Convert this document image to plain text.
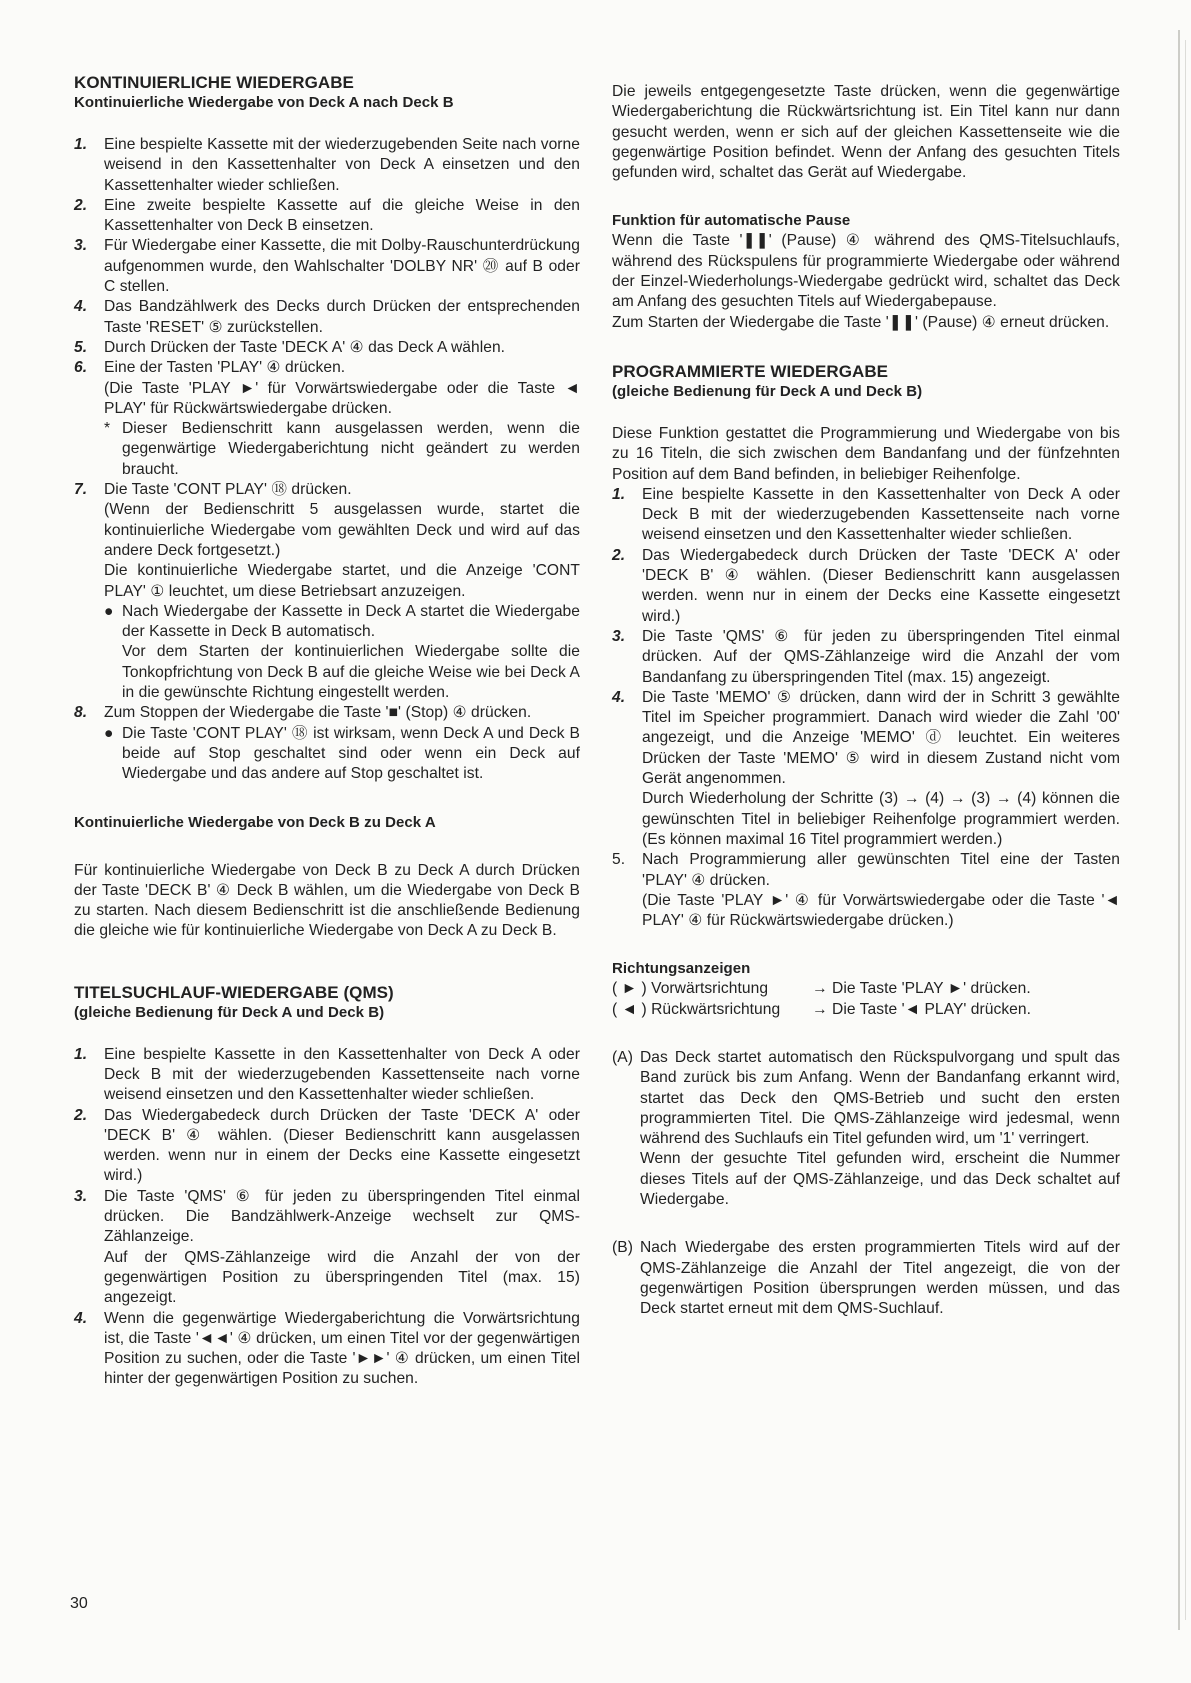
KONTINUIERLICHE WIEDERGABE
Kontinuierliche Wiedergabe von Deck A nach Deck B
1. Eine bespielte Kassette mit der wiederzugebenden Seite nach vorne weisend in den Kassettenhalter von Deck A einsetzen und den Kassettenhalter wieder schließen.

2. Eine zweite bespielte Kassette auf die gleiche Weise in den Kassettenhalter von Deck B einsetzen.

3. Für Wiedergabe einer Kassette, die mit Dolby-Rauschunterdrückung aufgenommen wurde, den Wahlschalter 'DOLBY NR' ⑳ auf B oder C stellen.

4. Das Bandzählwerk des Decks durch Drücken der entsprechenden Taste 'RESET' ⑤ zurückstellen.

5. Durch Drücken der Taste 'DECK A' ④ das Deck A wählen.

6. Eine der Tasten 'PLAY' ④ drücken.

(Die Taste 'PLAY ►' für Vorwärtswiedergabe oder die Taste ◄ PLAY' für Rückwärtswiedergabe drücken.

* Dieser Bedienschritt kann ausgelassen werden, wenn die gegenwärtige Wiedergaberichtung nicht geändert zu werden braucht.

7. Die Taste 'CONT PLAY' ⑱ drücken.

(Wenn der Bedienschritt 5 ausgelassen wurde, startet die kontinuierliche Wiedergabe vom gewählten Deck und wird auf das andere Deck fortgesetzt.)

Die kontinuierliche Wiedergabe startet, und die Anzeige 'CONT PLAY' ① leuchtet, um diese Betriebsart anzuzeigen.

● Nach Wiedergabe der Kassette in Deck A startet die Wiedergabe der Kassette in Deck B automatisch.

Vor dem Starten der kontinuierlichen Wiedergabe sollte die Tonkopfrichtung von Deck B auf die gleiche Weise wie bei Deck A in die gewünschte Richtung eingestellt werden.

8. Zum Stoppen der Wiedergabe die Taste '■' (Stop) ④ drücken.

● Die Taste 'CONT PLAY' ⑱ ist wirksam, wenn Deck A und Deck B beide auf Stop geschaltet sind oder wenn ein Deck auf Wiedergabe und das andere auf Stop geschaltet ist.

Kontinuierliche Wiedergabe von Deck B zu Deck A

Für kontinuierliche Wiedergabe von Deck B zu Deck A durch Drücken der Taste 'DECK B' ④ Deck B wählen, um die Wiedergabe von Deck B zu starten. Nach diesem Bedienschritt ist die anschließende Bedienung die gleiche wie für kontinuierliche Wiedergabe von Deck A zu Deck B.

TITELSUCHLAUF-WIEDERGABE (QMS)
(gleiche Bedienung für Deck A und Deck B)
1. Eine bespielte Kassette in den Kassettenhalter von Deck A oder Deck B mit der wiederzugebenden Kassettenseite nach vorne weisend einsetzen und den Kassettenhalter wieder schließen.

2. Das Wiedergabedeck durch Drücken der Taste 'DECK A' oder 'DECK B' ④ wählen. (Dieser Bedienschritt kann ausgelassen werden. wenn nur in einem der Decks eine Kassette eingesetzt wird.)

3. Die Taste 'QMS' ⑥ für jeden zu überspringenden Titel einmal drücken. Die Bandzählwerk-Anzeige wechselt zur QMS-Zählanzeige.

Auf der QMS-Zählanzeige wird die Anzahl der von der gegenwärtigen Position zu überspringenden Titel (max. 15) angezeigt.

4. Wenn die gegenwärtige Wiedergaberichtung die Vorwärtsrichtung ist, die Taste '◄◄' ④ drücken, um einen Titel vor der gegenwärtigen Position zu suchen, oder die Taste '►►' ④ drücken, um einen Titel hinter der gegenwärtigen Position zu suchen.

Die jeweils entgegengesetzte Taste drücken, wenn die gegenwärtige Wiedergaberichtung die Rückwärtsrichtung ist. Ein Titel kann nur dann gesucht werden, wenn er sich auf der gleichen Kassettenseite wie die gegenwärtige Position befindet. Wenn der Anfang des gesuchten Titels gefunden wird, schaltet das Gerät auf Wiedergabe.

Funktion für automatische Pause

Wenn die Taste '❚❚' (Pause) ④ während des QMS-Titelsuchlaufs, während des Rückspulens für programmierte Wiedergabe oder während der Einzel-Wiederholungs-Wiedergabe gedrückt wird, schaltet das Deck am Anfang des gesuchten Titels auf Wiedergabepause.

Zum Starten der Wiedergabe die Taste '❚❚' (Pause) ④ erneut drücken.

PROGRAMMIERTE WIEDERGABE
(gleiche Bedienung für Deck A und Deck B)

Diese Funktion gestattet die Programmierung und Wiedergabe von bis zu 16 Titeln, die sich zwischen dem Bandanfang und der fünfzehnten Position auf dem Band befinden, in beliebiger Reihenfolge.

1. Eine bespielte Kassette in den Kassettenhalter von Deck A oder Deck B mit der wiederzugebenden Kassettenseite nach vorne weisend einsetzen und den Kassettenhalter wieder schließen.

2. Das Wiedergabedeck durch Drücken der Taste 'DECK A' oder 'DECK B' ④ wählen. (Dieser Bedienschritt kann ausgelassen werden. wenn nur in einem der Decks eine Kassette eingesetzt wird.)

3. Die Taste 'QMS' ⑥ für jeden zu überspringenden Titel einmal drücken. Auf der QMS-Zählanzeige wird die Anzahl der vom Bandanfang zu überspringenden Titel (max. 15) angezeigt.

4. Die Taste 'MEMO' ⑤ drücken, dann wird der in Schritt 3 gewählte Titel im Speicher programmiert. Danach wird wieder die Zahl '00' angezeigt, und die Anzeige 'MEMO' ⓓ leuchtet. Ein weiteres Drücken der Taste 'MEMO' ⑤ wird in diesem Zustand nicht vom Gerät angenommen.

Durch Wiederholung der Schritte (3) → (4) → (3) → (4) können die gewünschten Titel in beliebiger Reihenfolge programmiert werden. (Es können maximal 16 Titel programmiert werden.)

5. Nach Programmierung aller gewünschten Titel eine der Tasten 'PLAY' ④ drücken.

(Die Taste 'PLAY ►' ④ für Vorwärtswiedergabe oder die Taste '◄ PLAY' ④ für Rückwärtswiedergabe drücken.)

Richtungsanzeigen
( ► ) Vorwärtsrichtung	→ Die Taste 'PLAY ►' drücken.
( ◄ ) Rückwärtsrichtung	→ Die Taste '◄ PLAY' drücken.
(A) Das Deck startet automatisch den Rückspulvorgang und spult das Band zurück bis zum Anfang. Wenn der Bandanfang erkannt wird, startet das Deck den QMS-Betrieb und sucht den ersten programmierten Titel. Die QMS-Zählanzeige wird jedesmal, wenn während des Suchlaufs ein Titel gefunden wird, um '1' verringert.

Wenn der gesuchte Titel gefunden wird, erscheint die Nummer dieses Titels auf der QMS-Zählanzeige, und das Deck schaltet auf Wiedergabe.

(B) Nach Wiedergabe des ersten programmierten Titels wird auf der QMS-Zählanzeige die Anzahl der Titel angezeigt, die von der gegenwärtigen Position übersprungen werden müssen, und das Deck startet erneut mit dem QMS-Suchlauf.

30
